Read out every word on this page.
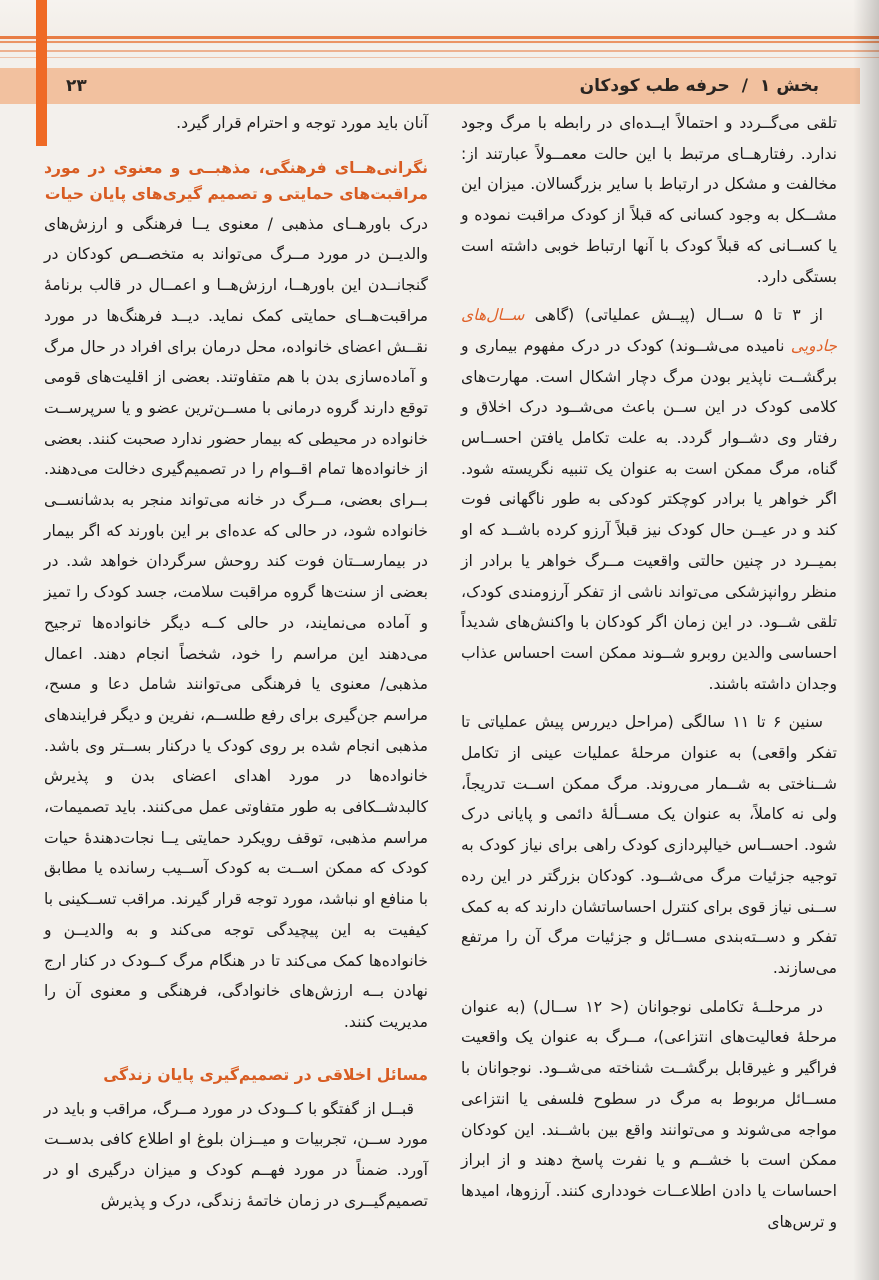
بخش ۱
/
حرفه طب کودکان
۲۳

تلقی می‌گــردد و احتمالاً ایــده‌ای در رابطه با مرگ وجود ندارد. رفتارهــای مرتبط با این حالت معمــولاً عبارتند از: مخالفت و مشکل در ارتباط با سایر بزرگسالان. میزان این مشــکل به وجود کسانی که قبلاً از کودک مراقبت نموده و یا کســانی که قبلاً کودک با آنها ارتباط خوبی داشته است بستگی دارد.

از ۳ تا ۵ ســال (پیــش عملیاتی) (گاهی ســال‌های جادویی نامیده می‌شــوند) کودک در درک مفهوم بیماری و برگشــت ناپذیر بودن مرگ دچار اشکال است. مهارت‌های کلامی کودک در این ســن باعث می‌شــود درک اخلاق و رفتار وی دشــوار گردد. به علت تکامل یافتن احســاس گناه، مرگ ممکن است به عنوان یک تنبیه نگریسته شود. اگر خواهر یا برادر کوچکتر کودکی به طور ناگهانی فوت کند و در عیــن حال کودک نیز قبلاً آرزو کرده باشــد که او بمیــرد در چنین حالتی واقعیت مــرگ خواهر یا برادر از منظر روانپزشکی می‌تواند ناشی از تفکر آرزومندی کودک، تلقی شــود. در این زمان اگر کودکان با واکنش‌های شدیداً احساسی والدین روبرو شــوند ممکن است احساس عذاب وجدان داشته باشند.

سنین ۶ تا ۱۱ سالگی (مراحل دیررس پیش عملیاتی تا تفکر واقعی) به عنوان مرحلهٔ عملیات عینی از تکامل شــناختی به شــمار می‌روند. مرگ ممکن اســت تدریجاً، ولی نه کاملاً، به عنوان یک مســألهٔ دائمی و پایانی درک شود. احســاس خیالپردازی کودک راهی برای نیاز کودک به توجیه جزئیات مرگ می‌شــود. کودکان بزرگتر در این رده ســنی نیاز قوی برای کنترل احساساتشان دارند که به کمک تفکر و دســته‌بندی مســائل و جزئیات مرگ آن را مرتفع می‌سازند.

در مرحلــهٔ تکاملی نوجوانان (< ۱۲ ســال) (به عنوان مرحلهٔ فعالیت‌های انتزاعی)، مــرگ به عنوان یک واقعیت فراگیر و غیرقابل برگشــت شناخته می‌شــود. نوجوانان با مســائل مربوط به مرگ در سطوح فلسفی یا انتزاعی مواجه می‌شوند و می‌توانند واقع بین باشــند. این کودکان ممکن است با خشــم و یا نفرت پاسخ دهند و از ابراز احساسات یا دادن اطلاعــات خودداری کنند. آرزوها، امیدها و ترس‌های

آنان باید مورد توجه و احترام قرار گیرد.

نگرانی‌هــای فرهنگی، مذهبــی و معنوی در مورد مراقبت‌های حمایتی و تصمیم گیری‌های پایان حیات

درک باورهــای مذهبی / معنوی یــا فرهنگی و ارزش‌های والدیــن در مورد مــرگ می‌تواند به متخصــص کودکان در گنجانــدن این باورهــا، ارزش‌هــا و اعمــال در قالب برنامهٔ مراقبت‌هــای حمایتی کمک نماید. دیــد فرهنگ‌ها در مورد نقــش اعضای خانواده، محل درمان برای افراد در حال مرگ و آماده‌سازی بدن با هم متفاوتند. بعضی از اقلیت‌های قومی توقع دارند گروه درمانی با مســن‌ترین عضو و یا سرپرســت خانواده در محیطی که بیمار حضور ندارد صحبت کنند. بعضی از خانواده‌ها تمام اقــوام را در تصمیم‌گیری دخالت می‌دهند. بــرای بعضی، مــرگ در خانه می‌تواند منجر به بدشانســی خانواده شود، در حالی که عده‌ای بر این باورند که اگر بیمار در بیمارســتان فوت کند روحش سرگردان خواهد شد. در بعضی از سنت‌ها گروه مراقبت سلامت، جسد کودک را تمیز و آماده می‌نمایند، در حالی کــه دیگر خانواده‌ها ترجیح می‌دهند این مراسم را خود، شخصاً انجام دهند. اعمال مذهبی/ معنوی یا فرهنگی می‌توانند شامل دعا و مسح، مراسم جن‌گیری برای رفع طلســم، نفرین و دیگر فرایندهای مذهبی انجام شده بر روی کودک یا درکنار بســتر وی باشد. خانواده‌ها در مورد اهدای اعضای بدن و پذیرش کالبدشــکافی به طور متفاوتی عمل می‌کنند. باید تصمیمات، مراسم مذهبی، توقف رویکرد حمایتی یــا نجات‌دهندهٔ حیات کودک که ممکن اســت به کودک آســیب رسانده یا مطابق با منافع او نباشد، مورد توجه قرار گیرند. مراقب تســکینی با کیفیت به این پیچیدگی توجه می‌کند و به والدیــن و خانواده‌ها کمک می‌کند تا در هنگام مرگ کــودک در کنار ارج نهادن بــه ارزش‌های خانوادگی، فرهنگی و معنوی آن را مدیریت کنند.

مسائل اخلاقی در تصمیم‌گیری پایان زندگی

قبــل از گفتگو با کــودک در مورد مــرگ، مراقب و باید در مورد ســن، تجربیات و میــزان بلوغ او اطلاع کافی بدســت آورد. ضمناً در مورد فهــم کودک و میزان درگیری او در تصمیم‌گیــری در زمان خاتمهٔ زندگی، درک و پذیرش
